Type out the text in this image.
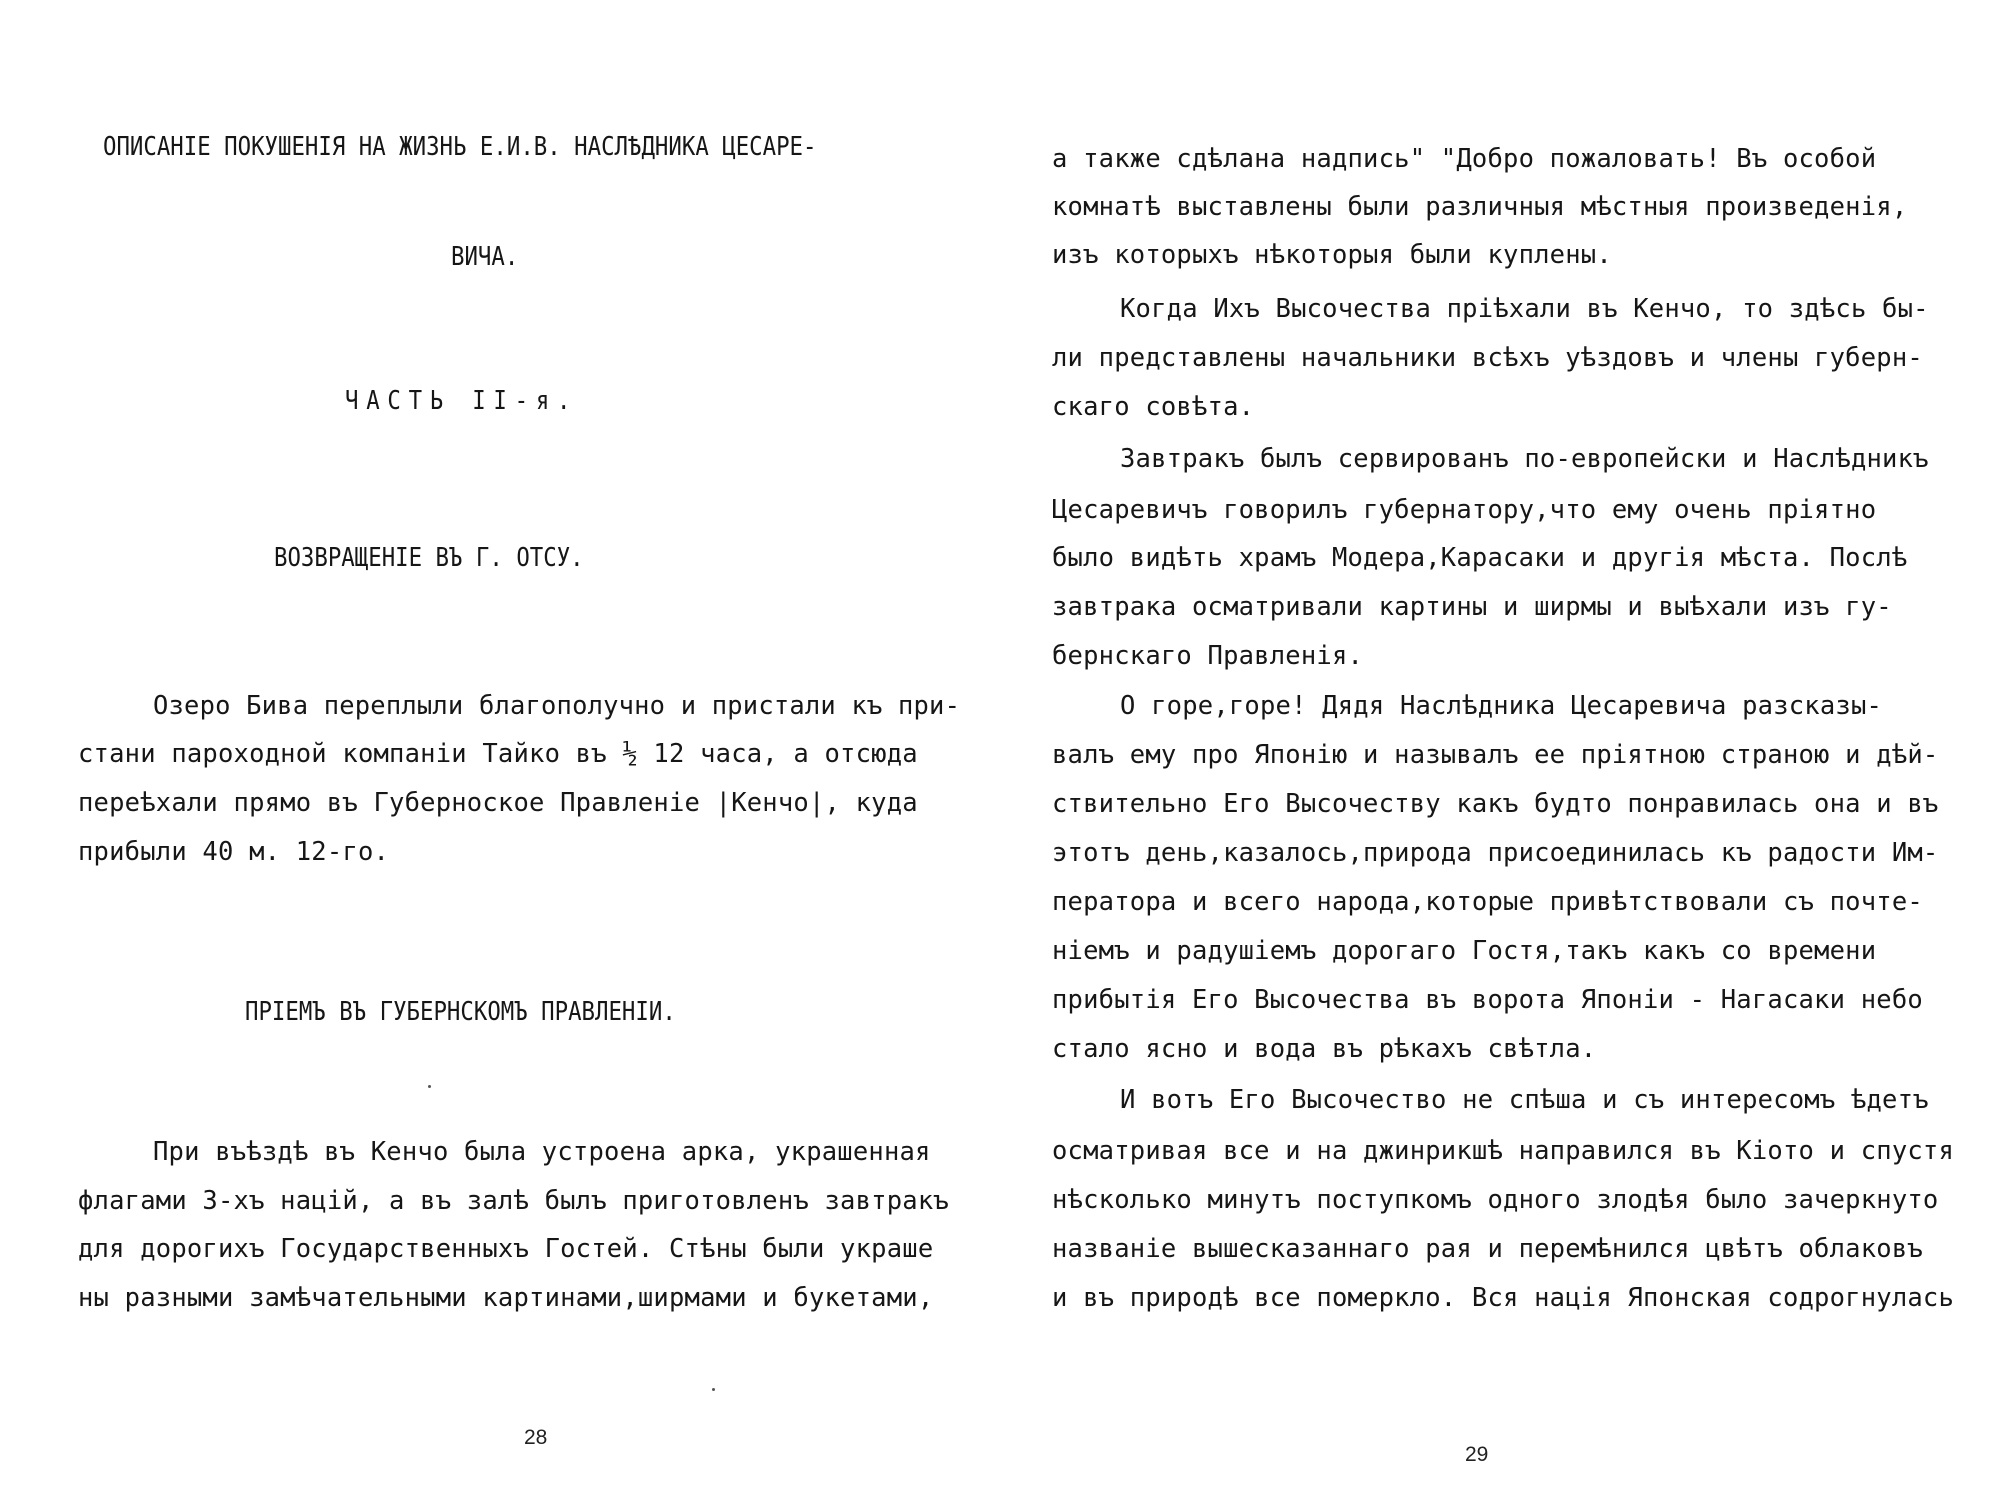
ОПИСАНІЕ ПОКУШЕНІЯ НА ЖИЗНЬ Е.И.В. НАСЛѢДНИКА ЦЕСАРЕ-
ВИЧА.
ЧАСТЬ II-я.
ВОЗВРАЩЕНІЕ ВЪ Г. ОТСУ.
Озеро Бива переплыли благополучно и пристали къ при-
стани пароходной компаніи Тайко въ ½ 12 часа, а отсюда
переѣхали прямо въ Губерноское Правленіе |Кенчо|, куда
прибыли 40 м. 12-го.
ПРІЕМЪ ВЪ ГУБЕРНСКОМЪ ПРАВЛЕНІИ.
При въѣздѣ въ Кенчо была устроена арка, украшенная
флагами 3-хъ націй, а въ залѣ былъ приготовленъ завтракъ
для дорогихъ Государственныхъ Гостей. Стѣны были украше
ны разными замѣчательными картинами,ширмами и букетами,
28
а также сдѣлана надпись" "Добро пожаловать! Въ особой
комнатѣ выставлены были различныя мѣстныя произведенія,
изъ которыхъ нѣкоторыя были куплены.
Когда Ихъ Высочества пріѣхали въ Кенчо, то здѣсь бы-
ли представлены начальники всѣхъ уѣздовъ и члены губерн-
скаго совѣта.
Завтракъ былъ сервированъ по-европейски и Наслѣдникъ
Цесаревичъ говорилъ губернатору,что ему очень пріятно
было видѣть храмъ Модера,Карасаки и другія мѣста. Послѣ
завтрака осматривали картины и ширмы и выѣхали изъ гу-
бернскаго Правленія.
О горе,горе! Дядя Наслѣдника Цесаревича разсказы-
валъ ему про Японію и называлъ ее пріятною страною и дѣй-
ствительно Его Высочеству какъ будто понравилась она и въ
этотъ день,казалось,природа присоединилась къ радости Им-
ператора и всего народа,которые привѣтствовали съ почте-
ніемъ и радушіемъ дорогаго Гостя,такъ какъ со времени
прибытія Его Высочества въ ворота Японіи - Нагасаки небо
стало ясно и вода въ рѣкахъ свѣтла.
И вотъ Его Высочество не спѣша и съ интересомъ ѣдетъ
осматривая все и на джинрикшѣ направился въ Кіото и спустя
нѣсколько минутъ поступкомъ одного злодѣя было зачеркнуто
названіе вышесказаннаго рая и перемѣнился цвѣтъ облаковъ
и въ природѣ все померкло. Вся нація Японская содрогнулась
29
